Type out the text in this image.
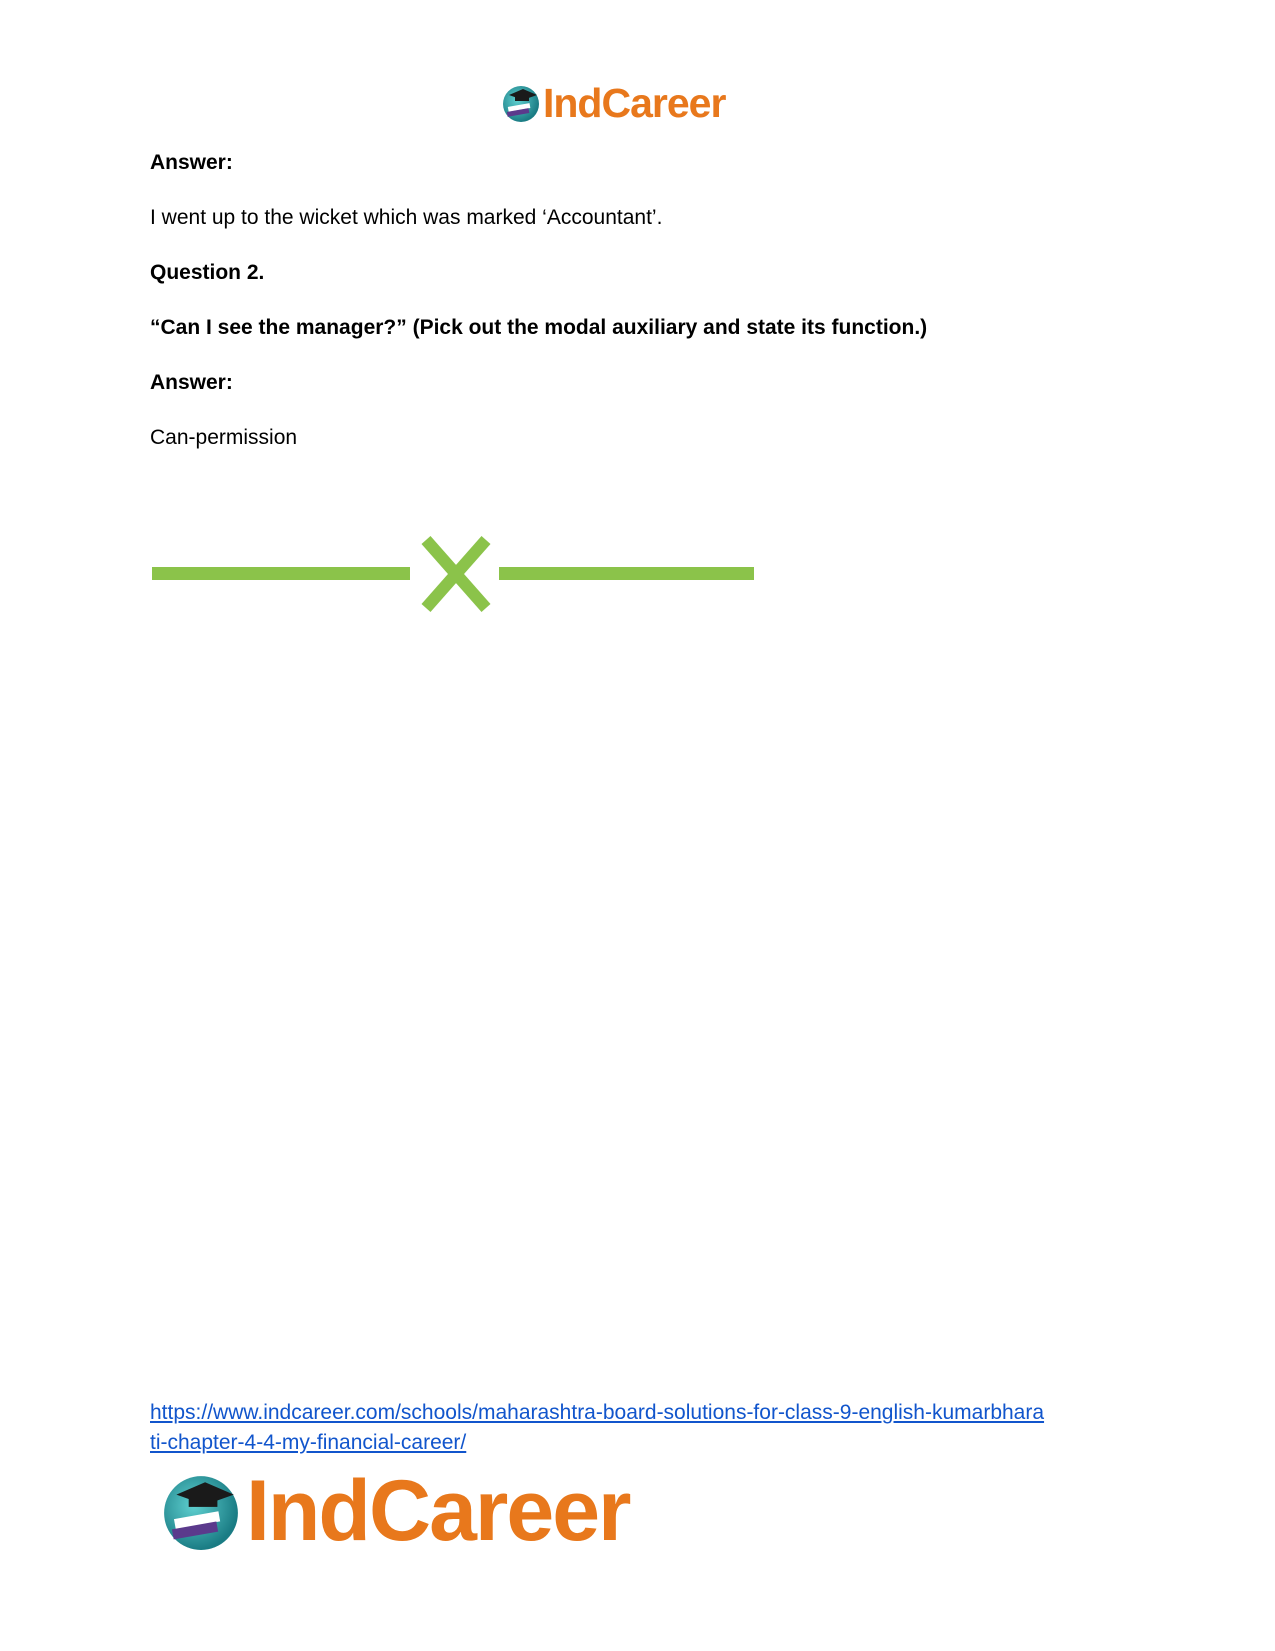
IndCareer
Answer:
I went up to the wicket which was marked ‘Accountant’.
Question 2.
“Can I see the manager?” (Pick out the modal auxiliary and state its function.)
Answer:
Can-permission
https://www.indcareer.com/schools/maharashtra-board-solutions-for-class-9-english-kumarbhara
ti-chapter-4-4-my-financial-career/
IndCareer
